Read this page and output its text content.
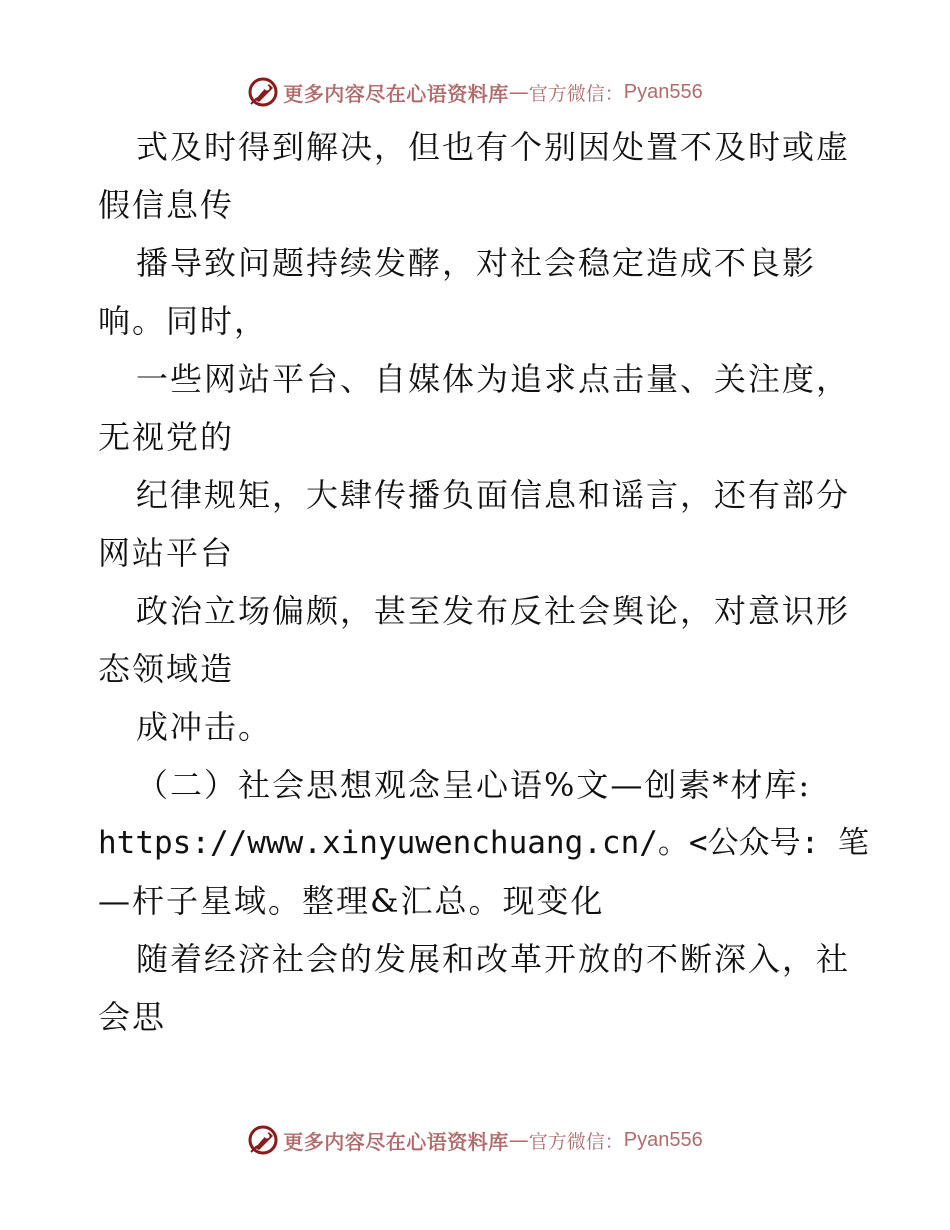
更多内容尽在心语资料库 — 官方微信： Pyan556
式及时得到解决，但也有个别因处置不及时或虚
假信息传
播导致问题持续发酵，对社会稳定造成不良影
响。同时，
一些网站平台、自媒体为追求点击量、关注度，
无视党的
纪律规矩，大肆传播负面信息和谣言，还有部分
网站平台
政治立场偏颇，甚至发布反社会舆论，对意识形
态领域造
成冲击。
（二）社会思想观念呈心语%文—创素*材库:
https://www.xinyuwenchuang.cn/。<公众号: 笔
—杆子星域。整理&汇总。现变化
随着经济社会的发展和改革开放的不断深入，社
会思
更多内容尽在心语资料库 — 官方微信： Pyan556
